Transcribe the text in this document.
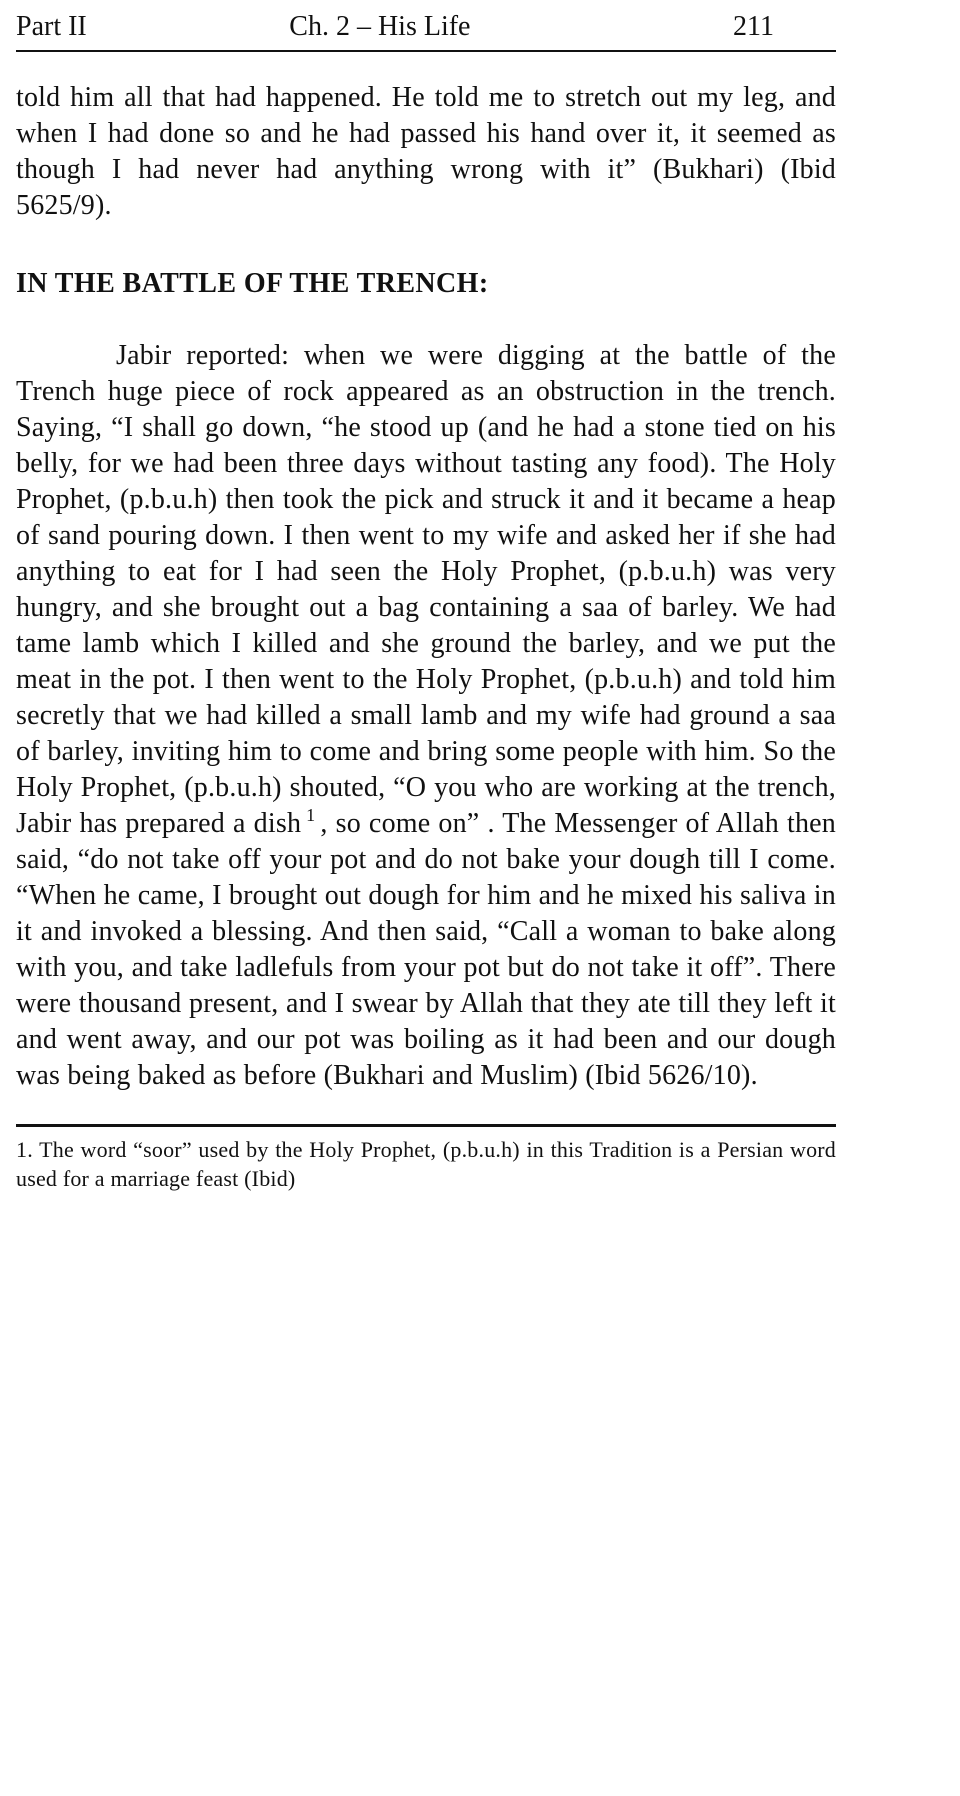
Part II	Ch. 2 – His Life	211

told him all that had happened. He told me to stretch out my leg, and when I had done so and he had passed his hand over it, it seemed as though I had never had anything wrong with it” (Bukhari) (Ibid 5625/9).

IN THE BATTLE OF THE TRENCH:

Jabir reported: when we were digging at the battle of the Trench huge piece of rock appeared as an obstruction in the trench. Saying, “I shall go down, “he stood up (and he had a stone tied on his belly, for we had been three days without tasting any food). The Holy Prophet, (p.b.u.h) then took the pick and struck it and it became a heap of sand pouring down. I then went to my wife and asked her if she had anything to eat for I had seen the Holy Prophet, (p.b.u.h) was very hungry, and she brought out a bag containing a saa of barley. We had tame lamb which I killed and she ground the barley, and we put the meat in the pot. I then went to the Holy Prophet, (p.b.u.h) and told him secretly that we had killed a small lamb and my wife had ground a saa of barley, inviting him to come and bring some people with him. So the Holy Prophet, (p.b.u.h) shouted, “O you who are working at the trench, Jabir has prepared a dish $^1$ , so come on” . The Messenger of Allah then said, “do not take off your pot and do not bake your dough till I come. “When he came, I brought out dough for him and he mixed his saliva in it and invoked a blessing. And then said, “Call a woman to bake along with you, and take ladlefuls from your pot but do not take it off”. There were thousand present, and I swear by Allah that they ate till they left it and went away, and our pot was boiling as it had been and our dough was being baked as before (Bukhari and Muslim) (Ibid 5626/10).

1. The word “soor” used by the Holy Prophet, (p.b.u.h) in this Tradition is a Persian word used for a marriage feast (Ibid)
